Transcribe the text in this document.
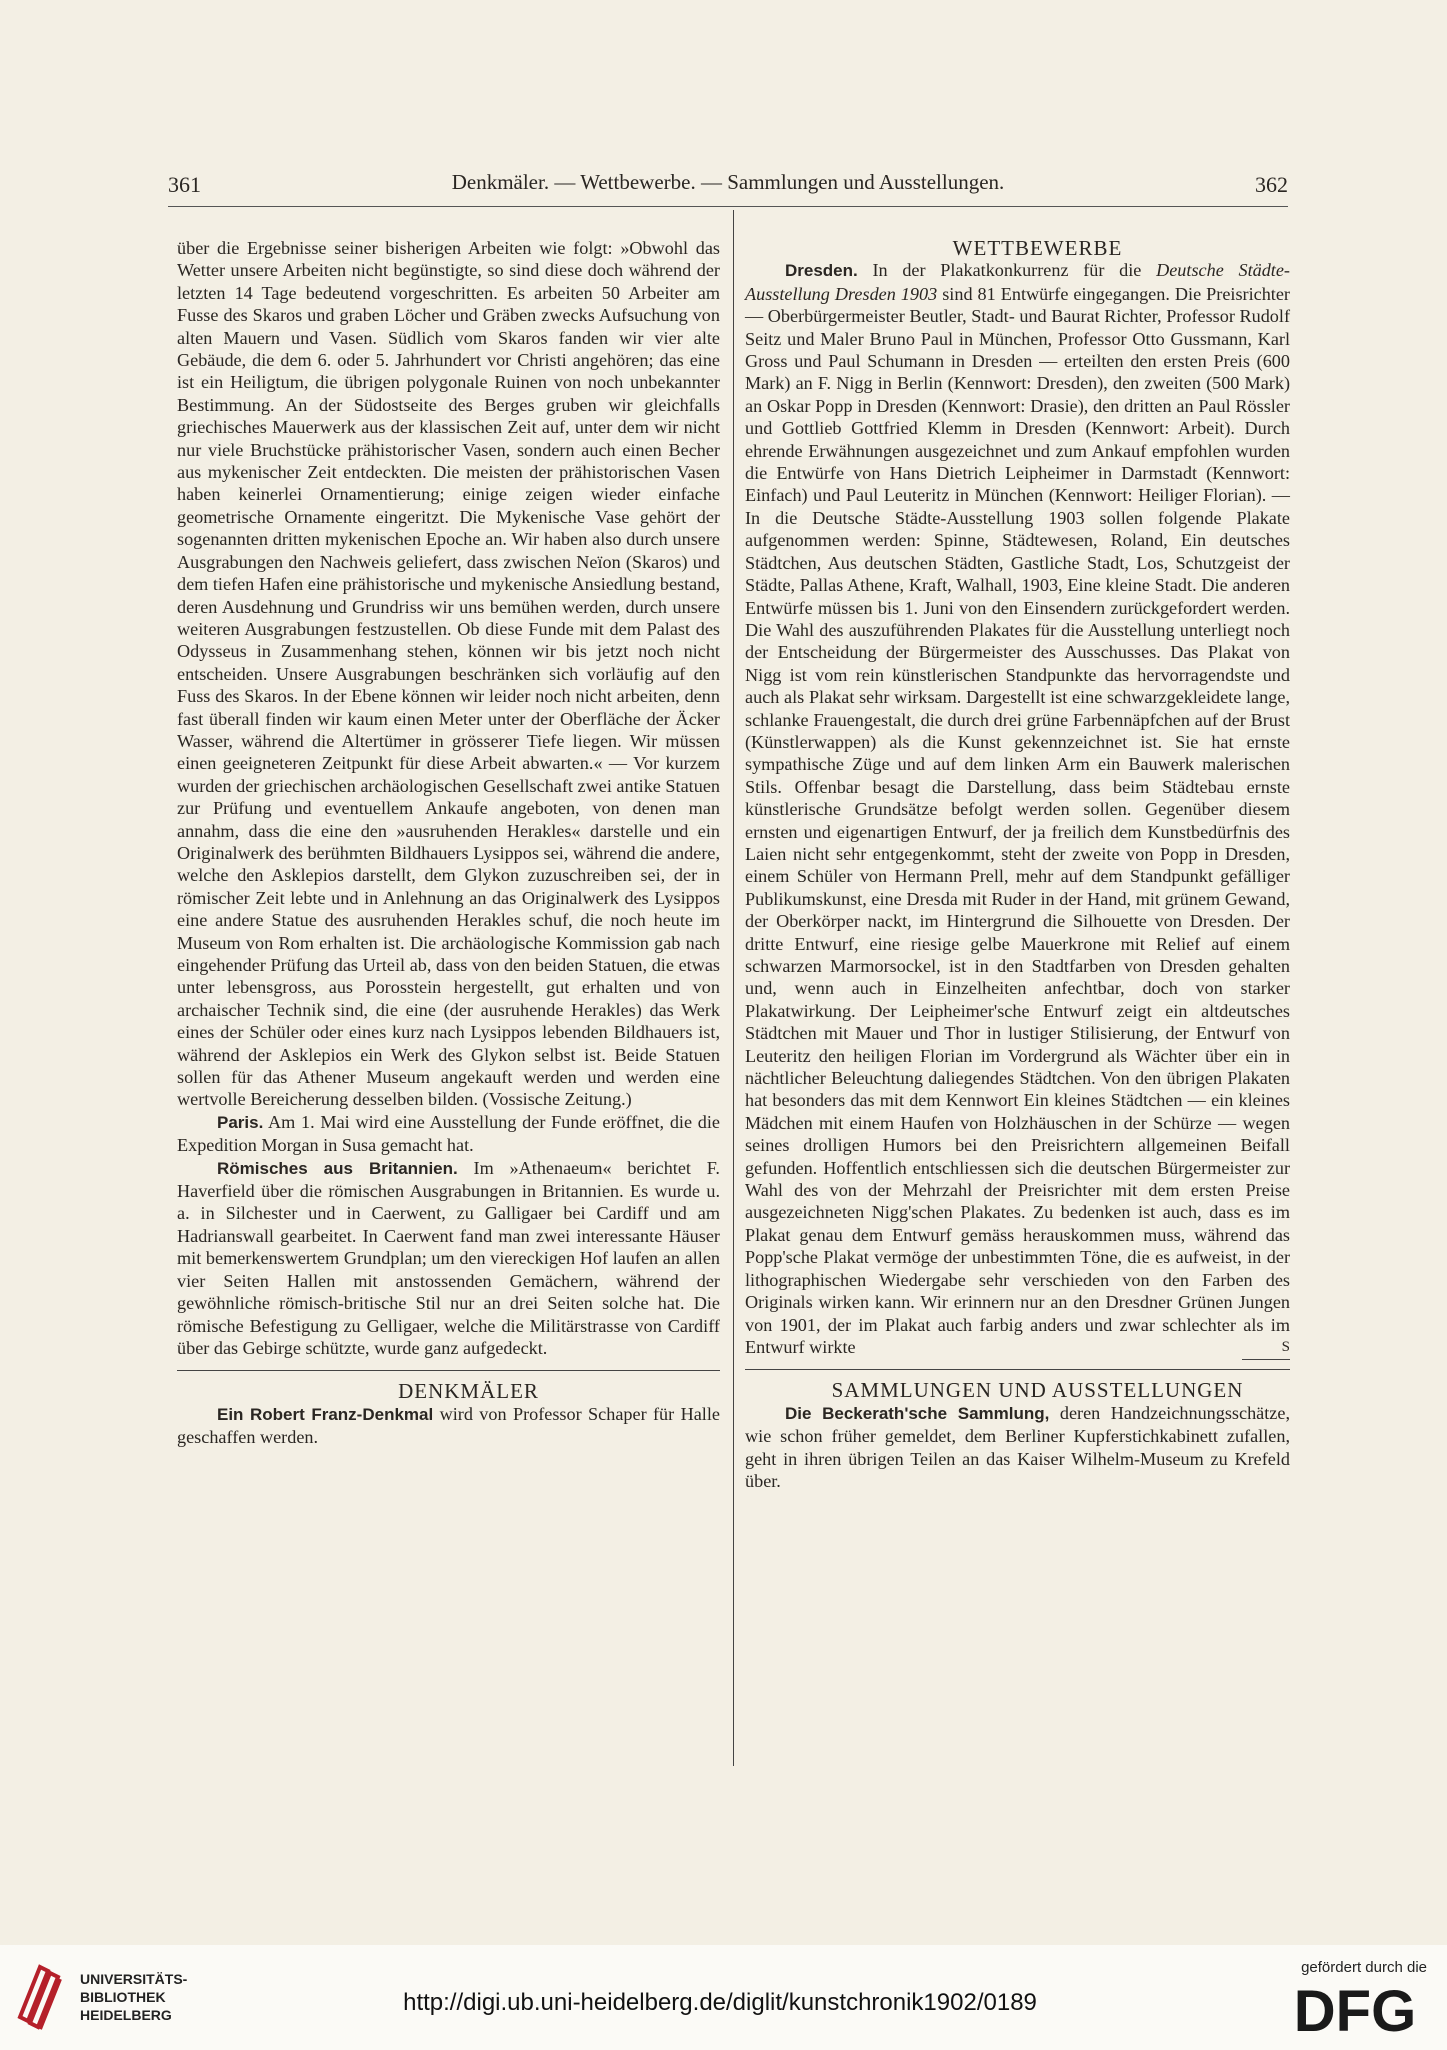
361	Denkmäler. — Wettbewerbe. — Sammlungen und Ausstellungen.	362

über die Ergebnisse seiner bisherigen Arbeiten wie folgt: »Obwohl das Wetter unsere Arbeiten nicht begünstigte, so sind diese doch während der letzten 14 Tage bedeutend vorgeschritten. Es arbeiten 50 Arbeiter am Fusse des Skaros und graben Löcher und Gräben zwecks Aufsuchung von alten Mauern und Vasen. Südlich vom Skaros fanden wir vier alte Gebäude, die dem 6. oder 5. Jahrhundert vor Christi angehören; das eine ist ein Heiligtum, die übrigen polygonale Ruinen von noch unbekannter Bestimmung. An der Südostseite des Berges gruben wir gleichfalls griechisches Mauerwerk aus der klassischen Zeit auf, unter dem wir nicht nur viele Bruchstücke prähistorischer Vasen, sondern auch einen Becher aus mykenischer Zeit entdeckten. Die meisten der prähistorischen Vasen haben keinerlei Ornamentierung; einige zeigen wieder einfache geometrische Ornamente eingeritzt. Die Mykenische Vase gehört der sogenannten dritten mykenischen Epoche an. Wir haben also durch unsere Ausgrabungen den Nachweis geliefert, dass zwischen Neïon (Skaros) und dem tiefen Hafen eine prähistorische und mykenische Ansiedlung bestand, deren Ausdehnung und Grundriss wir uns bemühen werden, durch unsere weiteren Ausgrabungen festzustellen. Ob diese Funde mit dem Palast des Odysseus in Zusammenhang stehen, können wir bis jetzt noch nicht entscheiden. Unsere Ausgrabungen beschränken sich vorläufig auf den Fuss des Skaros. In der Ebene können wir leider noch nicht arbeiten, denn fast überall finden wir kaum einen Meter unter der Oberfläche der Äcker Wasser, während die Altertümer in grösserer Tiefe liegen. Wir müssen einen geeigneteren Zeitpunkt für diese Arbeit abwarten.« — Vor kurzem wurden der griechischen archäologischen Gesellschaft zwei antike Statuen zur Prüfung und eventuellem Ankaufe angeboten, von denen man annahm, dass die eine den »ausruhenden Herakles« darstelle und ein Originalwerk des berühmten Bildhauers Lysippos sei, während die andere, welche den Asklepios darstellt, dem Glykon zuzuschreiben sei, der in römischer Zeit lebte und in Anlehnung an das Originalwerk des Lysippos eine andere Statue des ausruhenden Herakles schuf, die noch heute im Museum von Rom erhalten ist. Die archäologische Kommission gab nach eingehender Prüfung das Urteil ab, dass von den beiden Statuen, die etwas unter lebensgross, aus Porosstein hergestellt, gut erhalten und von archaischer Technik sind, die eine (der ausruhende Herakles) das Werk eines der Schüler oder eines kurz nach Lysippos lebenden Bildhauers ist, während der Asklepios ein Werk des Glykon selbst ist. Beide Statuen sollen für das Athener Museum angekauft werden und werden eine wertvolle Bereicherung desselben bilden. (Vossische Zeitung.)

Paris. Am 1. Mai wird eine Ausstellung der Funde eröffnet, die die Expedition Morgan in Susa gemacht hat.

Römisches aus Britannien. Im »Athenaeum« berichtet F. Haverfield über die römischen Ausgrabungen in Britannien. Es wurde u. a. in Silchester und in Caerwent, zu Galligaer bei Cardiff und am Hadrianswall gearbeitet. In Caerwent fand man zwei interessante Häuser mit bemerkenswertem Grundplan; um den viereckigen Hof laufen an allen vier Seiten Hallen mit anstossenden Gemächern, während der gewöhnliche römisch-britische Stil nur an drei Seiten solche hat. Die römische Befestigung zu Gelligaer, welche die Militärstrasse von Cardiff über das Gebirge schützte, wurde ganz aufgedeckt.

DENKMÄLER

Ein Robert Franz-Denkmal wird von Professor Schaper für Halle geschaffen werden.

WETTBEWERBE

Dresden. In der Plakatkonkurrenz für die Deutsche Städte-Ausstellung Dresden 1903 sind 81 Entwürfe eingegangen. Die Preisrichter — Oberbürgermeister Beutler, Stadt- und Baurat Richter, Professor Rudolf Seitz und Maler Bruno Paul in München, Professor Otto Gussmann, Karl Gross und Paul Schumann in Dresden — erteilten den ersten Preis (600 Mark) an F. Nigg in Berlin (Kennwort: Dresden), den zweiten (500 Mark) an Oskar Popp in Dresden (Kennwort: Drasie), den dritten an Paul Rössler und Gottlieb Gottfried Klemm in Dresden (Kennwort: Arbeit). Durch ehrende Erwähnungen ausgezeichnet und zum Ankauf empfohlen wurden die Entwürfe von Hans Dietrich Leipheimer in Darmstadt (Kennwort: Einfach) und Paul Leuteritz in München (Kennwort: Heiliger Florian). — In die Deutsche Städte-Ausstellung 1903 sollen folgende Plakate aufgenommen werden: Spinne, Städtewesen, Roland, Ein deutsches Städtchen, Aus deutschen Städten, Gastliche Stadt, Los, Schutzgeist der Städte, Pallas Athene, Kraft, Walhall, 1903, Eine kleine Stadt. Die anderen Entwürfe müssen bis 1. Juni von den Einsendern zurückgefordert werden. Die Wahl des auszuführenden Plakates für die Ausstellung unterliegt noch der Entscheidung der Bürgermeister des Ausschusses. Das Plakat von Nigg ist vom rein künstlerischen Standpunkte das hervorragendste und auch als Plakat sehr wirksam. Dargestellt ist eine schwarzgekleidete lange, schlanke Frauengestalt, die durch drei grüne Farbennäpfchen auf der Brust (Künstlerwappen) als die Kunst gekennzeichnet ist. Sie hat ernste sympathische Züge und auf dem linken Arm ein Bauwerk malerischen Stils. Offenbar besagt die Darstellung, dass beim Städtebau ernste künstlerische Grundsätze befolgt werden sollen. Gegenüber diesem ernsten und eigenartigen Entwurf, der ja freilich dem Kunstbedürfnis des Laien nicht sehr entgegenkommt, steht der zweite von Popp in Dresden, einem Schüler von Hermann Prell, mehr auf dem Standpunkt gefälliger Publikumskunst, eine Dresda mit Ruder in der Hand, mit grünem Gewand, der Oberkörper nackt, im Hintergrund die Silhouette von Dresden. Der dritte Entwurf, eine riesige gelbe Mauerkrone mit Relief auf einem schwarzen Marmorsockel, ist in den Stadtfarben von Dresden gehalten und, wenn auch in Einzelheiten anfechtbar, doch von starker Plakatwirkung. Der Leipheimer'sche Entwurf zeigt ein altdeutsches Städtchen mit Mauer und Thor in lustiger Stilisierung, der Entwurf von Leuteritz den heiligen Florian im Vordergrund als Wächter über ein in nächtlicher Beleuchtung daliegendes Städtchen. Von den übrigen Plakaten hat besonders das mit dem Kennwort Ein kleines Städtchen — ein kleines Mädchen mit einem Haufen von Holzhäuschen in der Schürze — wegen seines drolligen Humors bei den Preisrichtern allgemeinen Beifall gefunden. Hoffentlich entschliessen sich die deutschen Bürgermeister zur Wahl des von der Mehrzahl der Preisrichter mit dem ersten Preise ausgezeichneten Nigg'schen Plakates. Zu bedenken ist auch, dass es im Plakat genau dem Entwurf gemäss herauskommen muss, während das Popp'sche Plakat vermöge der unbestimmten Töne, die es aufweist, in der lithographischen Wiedergabe sehr verschieden von den Farben des Originals wirken kann. Wir erinnern nur an den Dresdner Grünen Jungen von 1901, der im Plakat auch farbig anders und zwar schlechter als im Entwurf wirkte	S

SAMMLUNGEN UND AUSSTELLUNGEN

Die Beckerath'sche Sammlung, deren Handzeichnungsschätze, wie schon früher gemeldet, dem Berliner Kupferstichkabinett zufallen, geht in ihren übrigen Teilen an das Kaiser Wilhelm-Museum zu Krefeld über.

UNIVERSITÄTS-
BIBLIOTHEK
HEIDELBERG	http://digi.ub.uni-heidelberg.de/diglit/kunstchronik1902/0189
gefördert durch die
DFG
